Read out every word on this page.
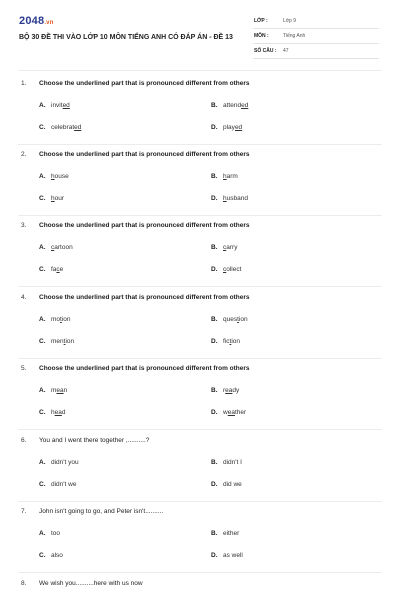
2048.vn
BỘ 30 ĐỀ THI VÀO LỚP 10 MÔN TIẾNG ANH CÓ ĐÁP ÁN - ĐỀ 13
LỚP :	Lớp 9
MÔN :	Tiếng Anh
SỐ CÂU : 47
1. Choose the underlined part that is pronounced different from others
A. invited	B. attended
C. celebrated	D. played
2. Choose the underlined part that is pronounced different from others
A. house	B. harm
C. hour	D. husband
3. Choose the underlined part that is pronounced different from others
A. cartoon	B. carry
C. face	D. collect
4. Choose the underlined part that is pronounced different from others
A. motion	B. question
C. mention	D. fiction
5. Choose the underlined part that is pronounced different from others
A. mean	B. ready
C. head	D. weather
6. You and I went there together ,..........?
A. didn't you	B. didn't I
C. didn't we	D. did we
7. John isn't going to go, and Peter isn't..........
A. too	B. either
C. also	D. as well
8. We wish you..........here with us now
